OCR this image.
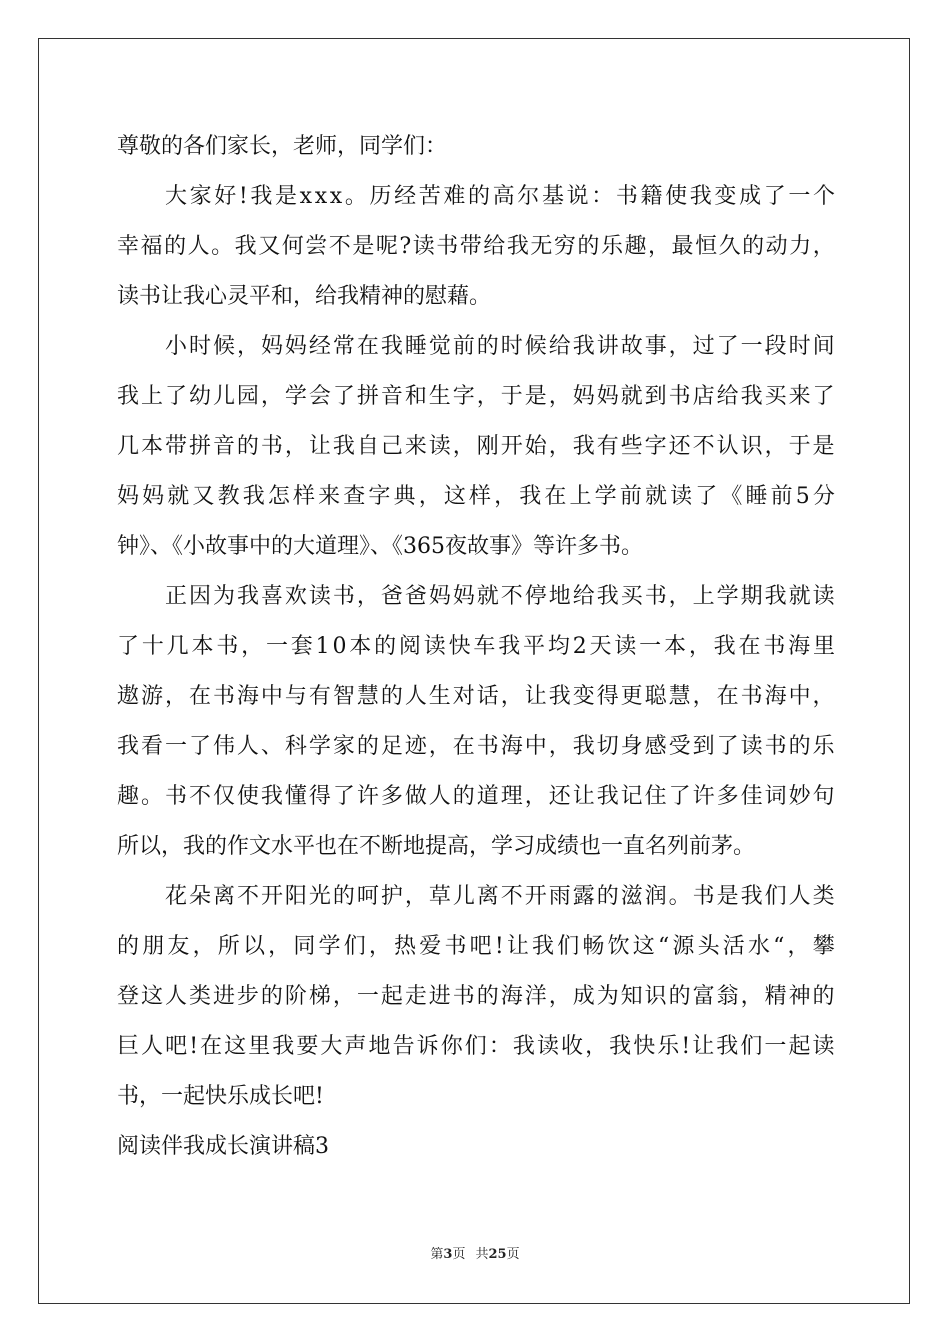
尊敬的各们家长，老师，同学们：
大 家 好 ! 我 是 x x x 。 历 经 苦 难 的 高 尔 基 说 ： 书 籍 使 我 变 成 了 一 个
幸 福 的 人 。 我 又 何 尝 不 是 呢 ? 读 书 带 给 我 无 穷 的 乐 趣 ， 最 恒 久 的 动 力 ，
读书让我心灵平和，给我精神的慰藉。
小 时 候 ， 妈 妈 经 常 在 我 睡 觉 前 的 时 候 给 我 讲 故 事 ， 过 了 一 段 时 间
我 上 了 幼 儿 园 ， 学 会 了 拼 音 和 生 字 ， 于 是 ， 妈 妈 就 到 书 店 给 我 买 来 了
几 本 带 拼 音 的 书 ， 让 我 自 己 来 读 ， 刚 开 始 ， 我 有 些 字 还 不 认 识 ， 于 是
妈 妈 就 又 教 我 怎 样 来 查 字 典 ， 这 样 ， 我 在 上 学 前 就 读 了 《 睡 前 5 分
钟》、《小故事中的大道理》、《365夜故事》等许多书。
正 因 为 我 喜 欢 读 书 ， 爸 爸 妈 妈 就 不 停 地 给 我 买 书 ， 上 学 期 我 就 读
了 十 几 本 书 ， 一 套 1 0 本 的 阅 读 快 车 我 平 均 2 天 读 一 本 ， 我 在 书 海 里
遨 游 ， 在 书 海 中 与 有 智 慧 的 人 生 对 话 ， 让 我 变 得 更 聪 慧 ， 在 书 海 中 ，
我 看 一 了 伟 人 、 科 学 家 的 足 迹 ， 在 书 海 中 ， 我 切 身 感 受 到 了 读 书 的 乐
趣 。 书 不 仅 使 我 懂 得 了 许 多 做 人 的 道 理 ， 还 让 我 记 住 了 许 多 佳 词 妙 句
所以，我的作文水平也在不断地提高，学习成绩也一直名列前茅。
花 朵 离 不 开 阳 光 的 呵 护 ， 草 儿 离 不 开 雨 露 的 滋 润 。 书 是 我 们 人 类
的 朋 友 ， 所 以 ， 同 学 们 ， 热 爱 书 吧 ! 让 我 们 畅 饮 这 “ 源 头 活 水 “ ， 攀
登 这 人 类 进 步 的 阶 梯 ， 一 起 走 进 书 的 海 洋 ， 成 为 知 识 的 富 翁 ， 精 神 的
巨 人 吧 ! 在 这 里 我 要 大 声 地 告 诉 你 们 ： 我 读 收 ， 我 快 乐 ! 让 我 们 一 起 读
书，一起快乐成长吧!
阅读伴我成长演讲稿3
第3页 共25页
